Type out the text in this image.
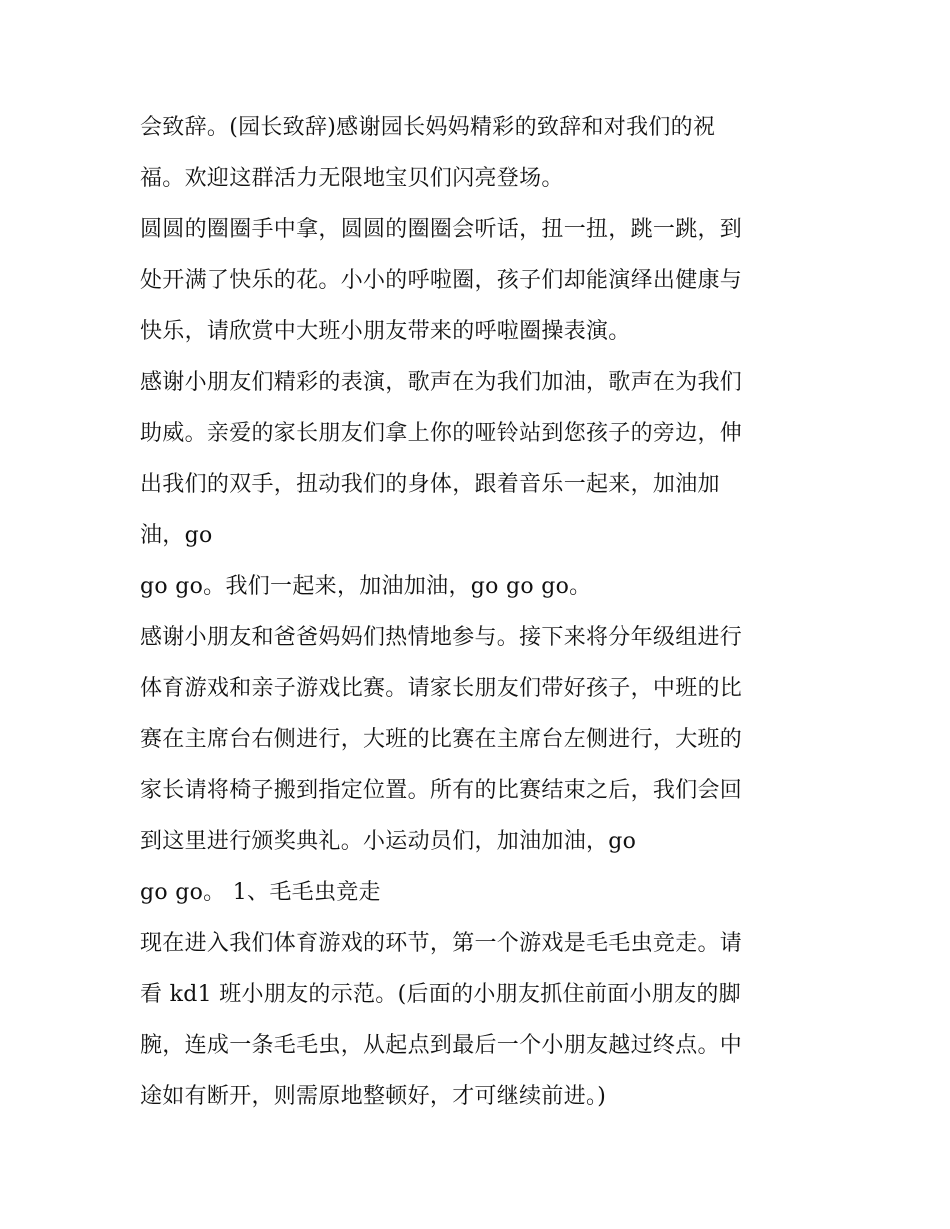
会致辞。(园长致辞)感谢园长妈妈精彩的致辞和对我们的祝
福。欢迎这群活力无限地宝贝们闪亮登场。
圆圆的圈圈手中拿，圆圆的圈圈会听话，扭一扭，跳一跳，到
处开满了快乐的花。小小的呼啦圈，孩子们却能演绎出健康与
快乐，请欣赏中大班小朋友带来的呼啦圈操表演。
感谢小朋友们精彩的表演，歌声在为我们加油，歌声在为我们
助威。亲爱的家长朋友们拿上你的哑铃站到您孩子的旁边，伸
出我们的双手，扭动我们的身体，跟着音乐一起来，加油加
油，go
go go。我们一起来，加油加油，go go go。
感谢小朋友和爸爸妈妈们热情地参与。接下来将分年级组进行
体育游戏和亲子游戏比赛。请家长朋友们带好孩子，中班的比
赛在主席台右侧进行，大班的比赛在主席台左侧进行，大班的
家长请将椅子搬到指定位置。所有的比赛结束之后，我们会回
到这里进行颁奖典礼。小运动员们，加油加油，go
go go。 1、毛毛虫竞走
现在进入我们体育游戏的环节，第一个游戏是毛毛虫竞走。请
看 kd1 班小朋友的示范。(后面的小朋友抓住前面小朋友的脚
腕，连成一条毛毛虫，从起点到最后一个小朋友越过终点。中
途如有断开，则需原地整顿好，才可继续前进。)
